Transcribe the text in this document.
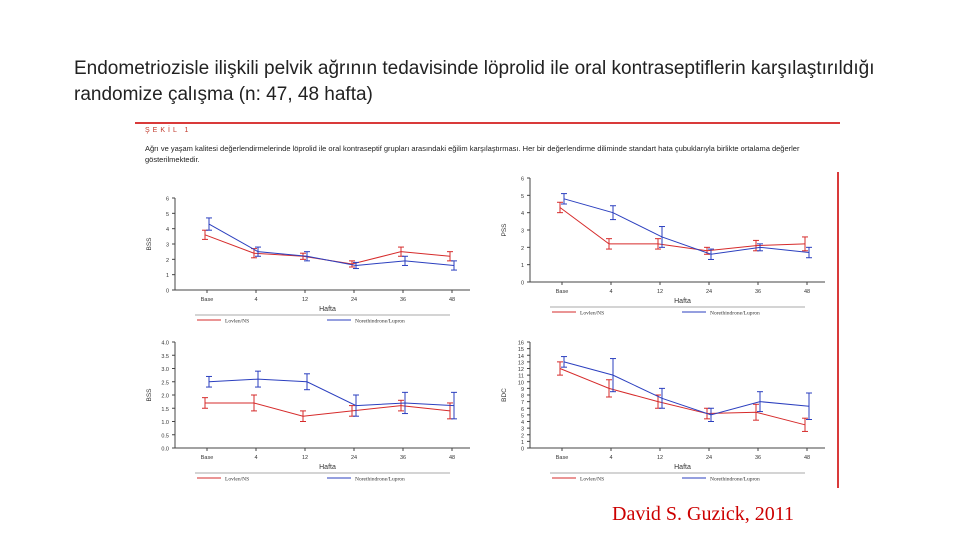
Endometriozisle ilişkili pelvik ağrının tedavisinde löprolid ile oral kontraseptiflerin karşılaştırıldığı randomize çalışma (n: 47, 48 hafta)
ŞEKİL 1
Ağrı ve yaşam kalitesi değerlendirmelerinde löprolid ile oral kontraseptif grupları arasındaki eğilim karşılaştırması. Her bir değerlendirme diliminde standart hata çubuklarıyla birlikte ortalama değerler gösterilmektedir.
0
1
2
3
4
5
6
Base	4	12	24	36	48
BSS
Hafta
Lovlen/NS	Norethindrone/Lupron
0
1
2
3
4
5
6
Base	4	12	24	36	48
PSS
Hafta
Lovlen/NS	Norethindrone/Lupron
0.0
0.5
1.0
1.5
2.0
2.5
3.0
3.5
4.0
Base	4	12	24	36	48
BSS
Hafta
Lovlen/NS	Norethindrone/Lupron
0
1
2
3
4
5
6
7
8
9
10
11
12
13
14
15
16
Base	4	12	24	36	48
BDC
Hafta
Lovlen/NS	Norethindrone/Lupron
David S. Guzick, 2011
